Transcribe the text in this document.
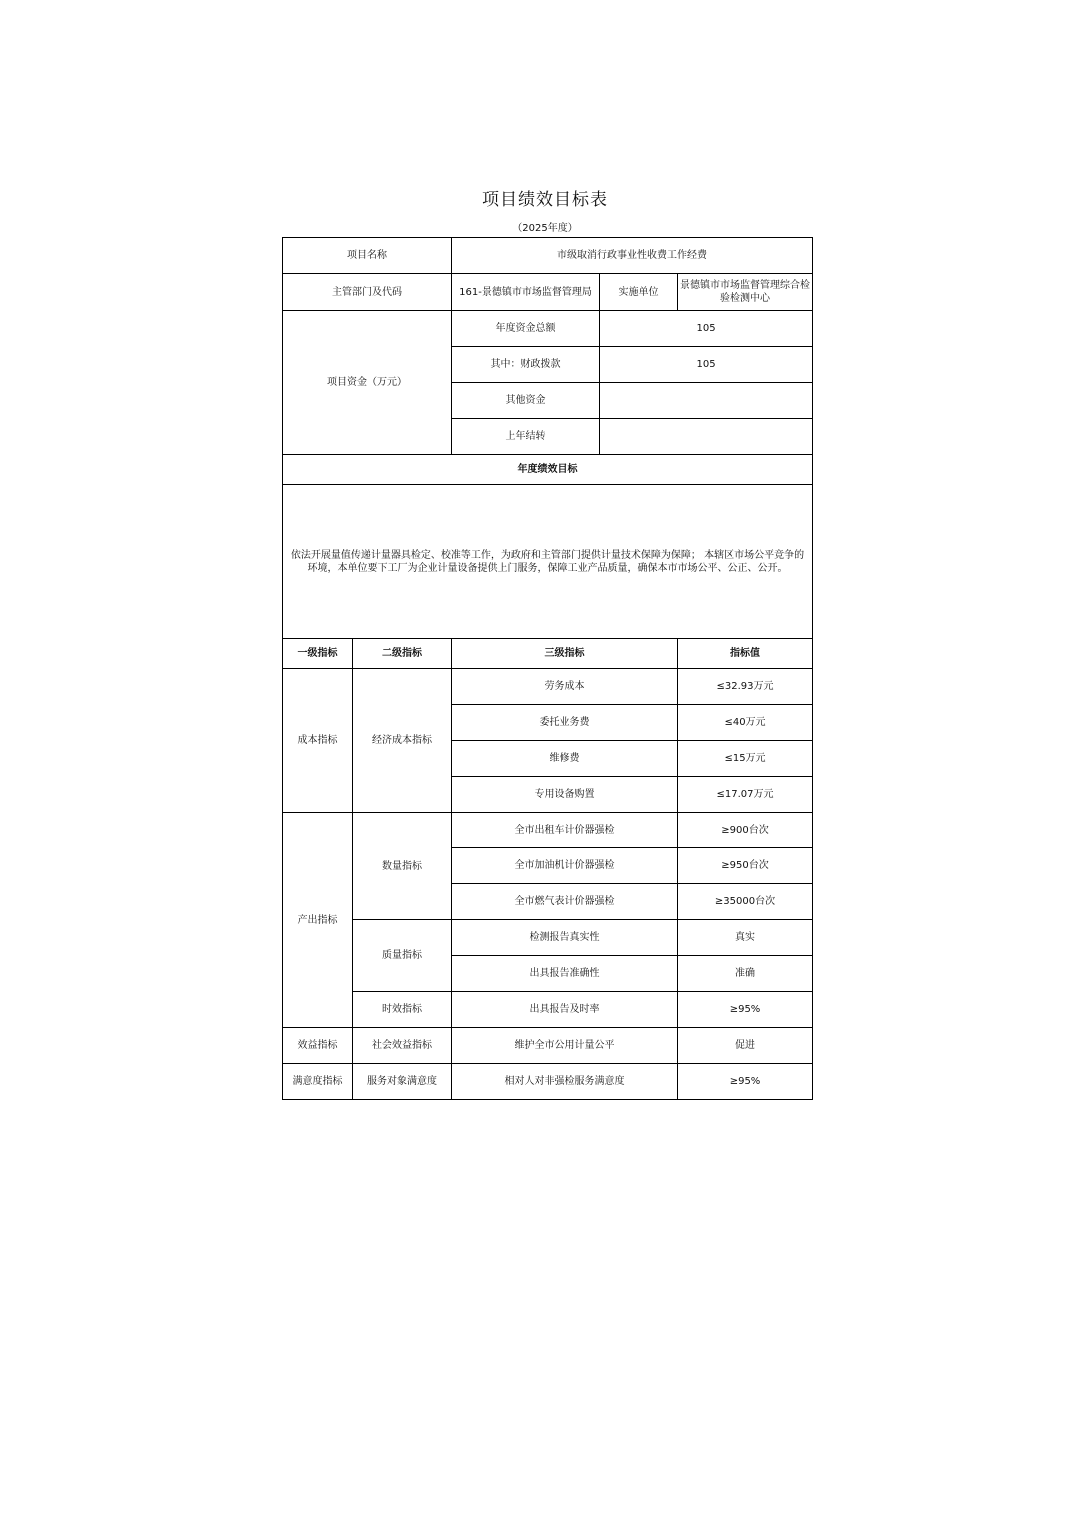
项目绩效目标表
（2025年度）
项目名称		市级取消行政事业性收费工作经费		
主管部门及代码		161-景德镇市市场监督管理局	实施单位	景德镇市市场监督管理综合检验检测中心
项目资金（万元）		年度资金总额	105	
		其中：财政拨款	105	
		其他资金		
		上年结转		
年度绩效目标				
依法开展量值传递计量器具检定、校准等工作，为政府和主管部门提供计量技术保障为保障； 本辖区市场公平竞争的环境，本单位要下工厂为企业计量设备提供上门服务，保障工业产品质量，确保本市市场公平、公正、公开。				
一级指标	二级指标	三级指标		指标值
成本指标	经济成本指标	劳务成本		≤32.93万元
		委托业务费		≤40万元
		维修费		≤15万元
		专用设备购置		≤17.07万元
产出指标	数量指标	全市出租车计价器强检		≥900台次
		全市加油机计价器强检		≥950台次
		全市燃气表计价器强检		≥35000台次
	质量指标	检测报告真实性		真实
		出具报告准确性		准确
	时效指标	出具报告及时率		≥95%
效益指标	社会效益指标	维护全市公用计量公平		促进
满意度指标	服务对象满意度	相对人对非强检服务满意度		≥95%
